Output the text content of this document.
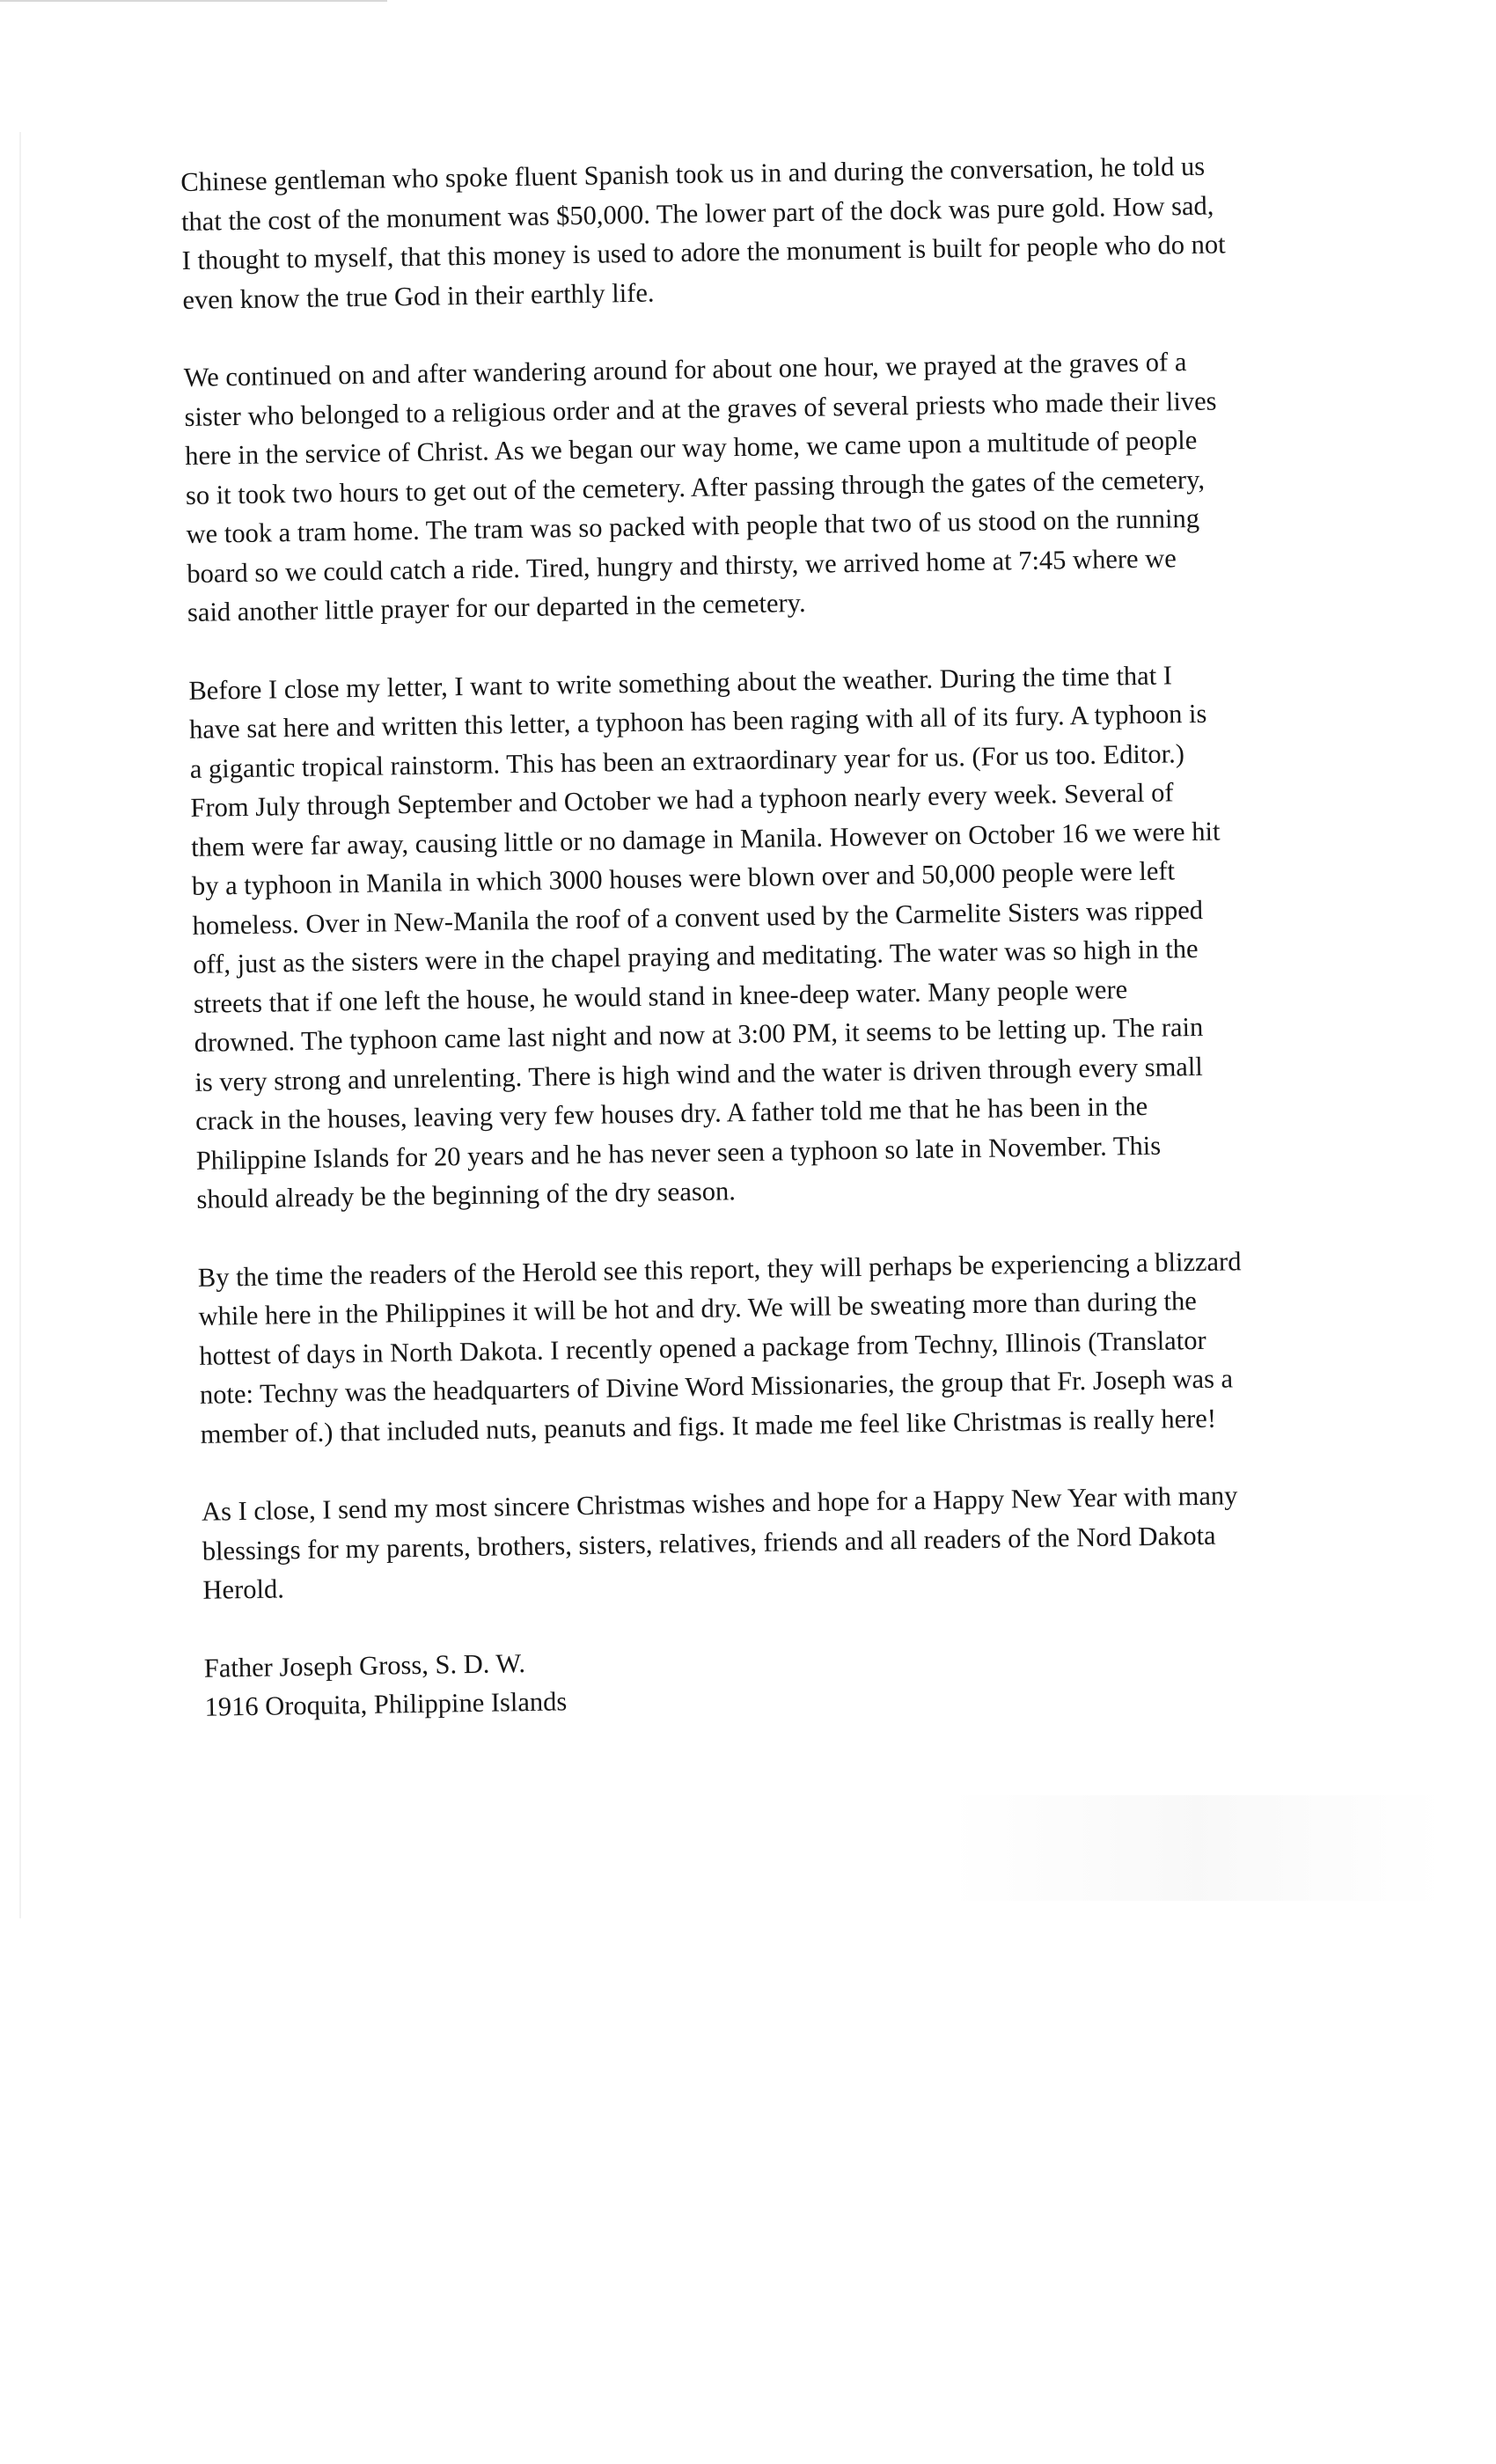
Chinese gentleman who spoke fluent Spanish took us in and during the conversation, he told us
that the cost of the monument was $50,000. The lower part of the dock was pure gold. How sad,
I thought to myself, that this money is used to adore the monument is built for people who do not
even know the true God in their earthly life.

We continued on and after wandering around for about one hour, we prayed at the graves of a
sister who belonged to a religious order and at the graves of several priests who made their lives
here in the service of Christ. As we began our way home, we came upon a multitude of people
so it took two hours to get out of the cemetery. After passing through the gates of the cemetery,
we took a tram home. The tram was so packed with people that two of us stood on the running
board so we could catch a ride. Tired, hungry and thirsty, we arrived home at 7:45 where we
said another little prayer for our departed in the cemetery.

Before I close my letter, I want to write something about the weather. During the time that I
have sat here and written this letter, a typhoon has been raging with all of its fury. A typhoon is
a gigantic tropical rainstorm. This has been an extraordinary year for us. (For us too. Editor.)
From July through September and October we had a typhoon nearly every week. Several of
them were far away, causing little or no damage in Manila. However on October 16 we were hit
by a typhoon in Manila in which 3000 houses were blown over and 50,000 people were left
homeless. Over in New-Manila the roof of a convent used by the Carmelite Sisters was ripped
off, just as the sisters were in the chapel praying and meditating. The water was so high in the
streets that if one left the house, he would stand in knee-deep water. Many people were
drowned. The typhoon came last night and now at 3:00 PM, it seems to be letting up. The rain
is very strong and unrelenting. There is high wind and the water is driven through every small
crack in the houses, leaving very few houses dry. A father told me that he has been in the
Philippine Islands for 20 years and he has never seen a typhoon so late in November. This
should already be the beginning of the dry season.

By the time the readers of the Herold see this report, they will perhaps be experiencing a blizzard
while here in the Philippines it will be hot and dry. We will be sweating more than during the
hottest of days in North Dakota. I recently opened a package from Techny, Illinois (Translator
note: Techny was the headquarters of Divine Word Missionaries, the group that Fr. Joseph was a
member of.) that included nuts, peanuts and figs. It made me feel like Christmas is really here!

As I close, I send my most sincere Christmas wishes and hope for a Happy New Year with many
blessings for my parents, brothers, sisters, relatives, friends and all readers of the Nord Dakota
Herold.

Father Joseph Gross, S. D. W.
1916 Oroquita, Philippine Islands
